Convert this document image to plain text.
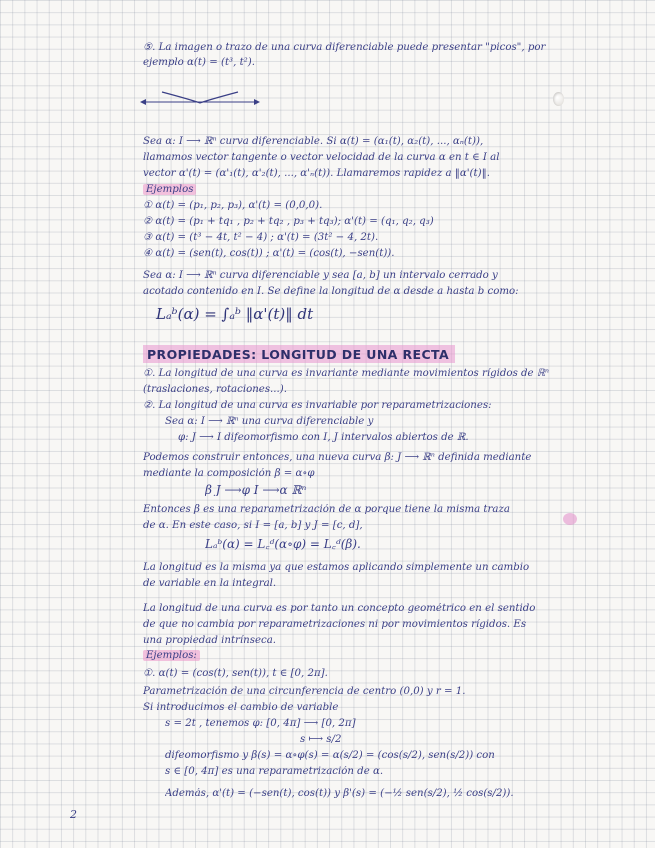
⑤. La imagen o trazo de una curva diferenciable puede presentar "picos", por
ejemplo α(t) = (t³, t²).
Sea α: I ⟶ ℝⁿ curva diferenciable. Si α(t) = (α₁(t), α₂(t), ..., αₙ(t)),
llamamos vector tangente o vector velocidad de la curva α en t ∈ I al
vector α'(t) = (α'₁(t), α'₂(t), ..., α'ₙ(t)). Llamaremos rapidez a ‖α'(t)‖.
Ejemplos
① α(t) = (p₁, p₂, p₃), α'(t) = (0,0,0).
② α(t) = (p₁ + tq₁ , p₂ + tq₂ , p₃ + tq₃); α'(t) = (q₁, q₂, q₃)
③ α(t) = (t³ − 4t, t² − 4) ; α'(t) = (3t² − 4, 2t).
④ α(t) = (sen(t), cos(t)) ; α'(t) = (cos(t), −sen(t)).
Sea α: I ⟶ ℝⁿ curva diferenciable y sea [a, b] un intervalo cerrado y
acotado contenido en I. Se define la longitud de α desde a hasta b como:
Lₐᵇ(α) = ∫ₐᵇ ‖α'(t)‖ dt
PROPIEDADES: LONGITUD DE UNA RECTA
①. La longitud de una curva es invariante mediante movimientos rígidos de ℝⁿ
(traslaciones, rotaciones...).
②. La longitud de una curva es invariable por reparametrizaciones:
Sea α: I ⟶ ℝⁿ una curva diferenciable y
φ: J ⟶ I difeomorfismo con I, J intervalos abiertos de ℝ.
Podemos construir entonces, una nueva curva β: J ⟶ ℝⁿ definida mediante
mediante la composición β = α∘φ
β J ⟶φ I ⟶α ℝⁿ
Entonces β es una reparametrización de α porque tiene la misma traza
de α. En este caso, si I = [a, b] y J = [c, d],
Lₐᵇ(α) = L꜀ᵈ(α∘φ) = L꜀ᵈ(β).
La longitud es la misma ya que estamos aplicando simplemente un cambio
de variable en la integral.
La longitud de una curva es por tanto un concepto geométrico en el sentido
de que no cambia por reparametrizaciones ni por movimientos rígidos. Es
una propiedad intrínseca.
Ejemplos:
①. α(t) = (cos(t), sen(t)), t ∈ [0, 2π].
Parametrización de una circunferencia de centro (0,0) y r = 1.
Si introducimos el cambio de variable
s = 2t , tenemos φ: [0, 4π] ⟶ [0, 2π]
s ⟼ s/2
difeomorfismo y β(s) = α∘φ(s) = α(s/2) = (cos(s/2), sen(s/2)) con
s ∈ [0, 4π] es una reparametrización de α.
Además, α'(t) = (−sen(t), cos(t)) y β'(s) = (−½ sen(s/2), ½ cos(s/2)).
2
